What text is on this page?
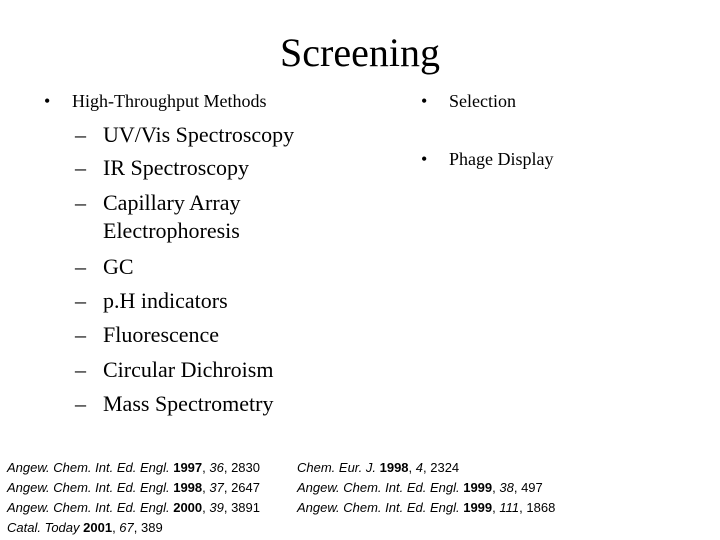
Screening
• High-Throughput Methods
– UV/Vis Spectroscopy
– IR Spectroscopy
– Capillary Array
Electrophoresis
– GC
– p.H indicators
– Fluorescence
– Circular Dichroism
– Mass Spectrometry
• Selection
• Phage Display
Angew. Chem. Int. Ed. Engl. 1997, 36, 2830
Angew. Chem. Int. Ed. Engl. 1998, 37, 2647
Angew. Chem. Int. Ed. Engl. 2000, 39, 3891
Catal. Today 2001, 67, 389
Chem. Eur. J. 1998, 4, 2324
Angew. Chem. Int. Ed. Engl. 1999, 38, 497
Angew. Chem. Int. Ed. Engl. 1999, 111, 1868
